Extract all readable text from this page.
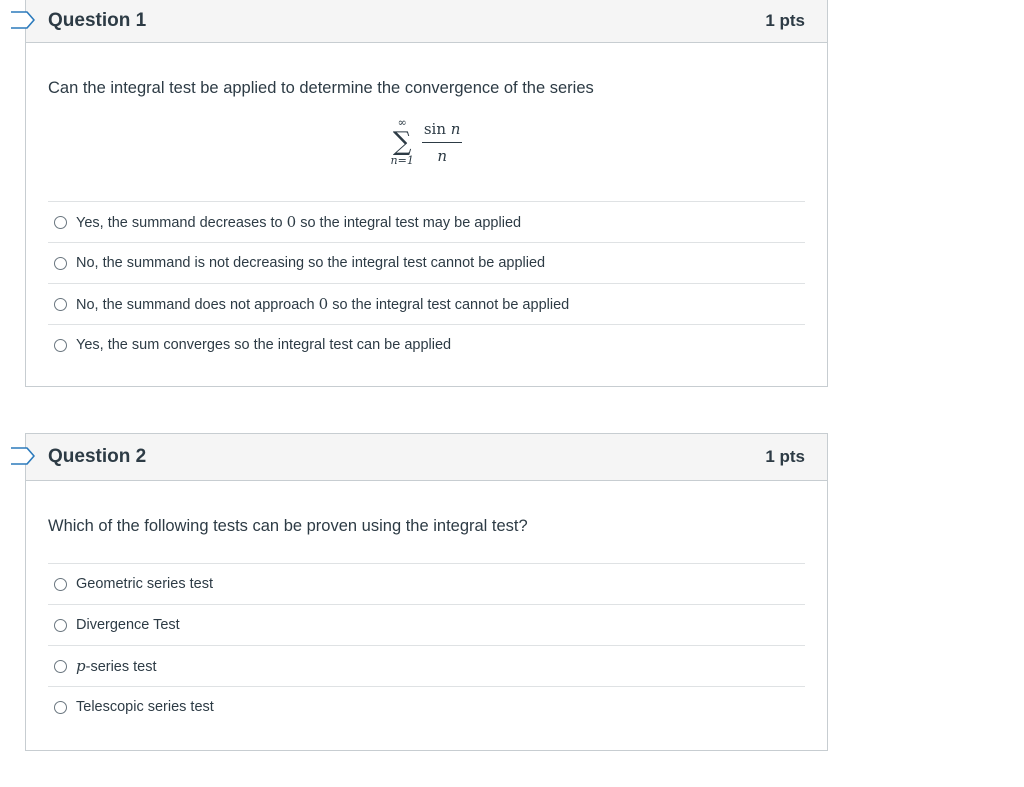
Question 1	1 pts

Can the integral test be applied to determine the convergence of the series

∞
∑
$n=1 \frac{\text{sin n}}{n}$
Yes, the summand decreases to 0 so the integral test may be applied
No, the summand is not decreasing so the integral test cannot be applied
No, the summand does not approach 0 so the integral test cannot be applied
Yes, the sum converges so the integral test can be applied
Question 2	1 pts

Which of the following tests can be proven using the integral test?

Geometric series test
Divergence Test
p-series test
Telescopic series test
